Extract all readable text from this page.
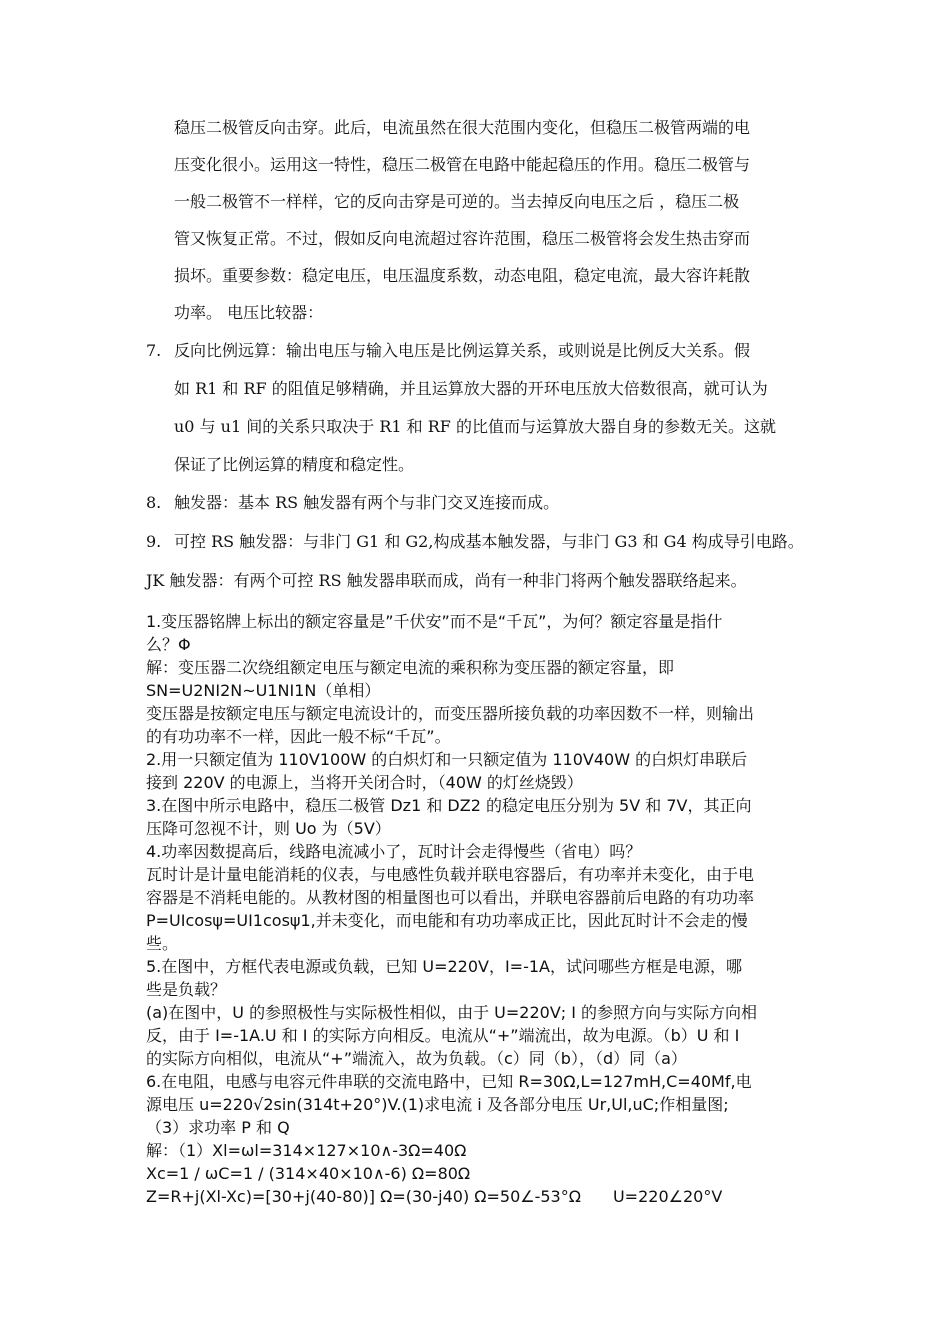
稳压二极管反向击穿。此后，电流虽然在很大范围内变化，但稳压二极管两端的电
压变化很小。运用这一特性，稳压二极管在电路中能起稳压的作用。稳压二极管与
一般二极管不一样样，它的反向击穿是可逆的。当去掉反向电压之后 ，稳压二极
管又恢复正常。不过，假如反向电流超过容许范围，稳压二极管将会发生热击穿而
损坏。重要参数：稳定电压，电压温度系数，动态电阻，稳定电流，最大容许耗散
功率。 电压比较器：
7. 反向比例远算：输出电压与输入电压是比例运算关系，或则说是比例反大关系。假
如 R1 和 RF 的阻值足够精确，并且运算放大器的开环电压放大倍数很高，就可认为
u0 与 u1 间的关系只取决于 R1 和 RF 的比值而与运算放大器自身的参数无关。这就
保证了比例运算的精度和稳定性。
8. 触发器：基本 RS 触发器有两个与非门交叉连接而成。
9. 可控 RS 触发器：与非门 G1 和 G2,构成基本触发器，与非门 G3 和 G4 构成导引电路。
JK 触发器：有两个可控 RS 触发器串联而成，尚有一种非门将两个触发器联络起来。
1.变压器铭牌上标出的额定容量是”千伏安”而不是“千瓦”，为何？额定容量是指什
么？Φ
解：变压器二次绕组额定电压与额定电流的乘积称为变压器的额定容量，即
SN=U2NI2N~U1NI1N（单相）
变压器是按额定电压与额定电流设计的，而变压器所接负载的功率因数不一样，则输出
的有功功率不一样，因此一般不标“千瓦”。
2.用一只额定值为 110V100W 的白炽灯和一只额定值为 110V40W 的白炽灯串联后
接到 220V 的电源上，当将开关闭合时，（40W 的灯丝烧毁）
3.在图中所示电路中，稳压二极管 Dz1 和 DZ2 的稳定电压分别为 5V 和 7V，其正向
压降可忽视不计，则 Uo 为（5V）
4.功率因数提高后，线路电流减小了，瓦时计会走得慢些（省电）吗？
瓦时计是计量电能消耗的仪表，与电感性负载并联电容器后，有功率并未变化，由于电
容器是不消耗电能的。从教材图的相量图也可以看出，并联电容器前后电路的有功功率
P=UIcosψ=UI1cosψ1,并未变化，而电能和有功功率成正比，因此瓦时计不会走的慢
些。
5.在图中，方框代表电源或负载，已知 U=220V，I=-1A，试问哪些方框是电源，哪
些是负载？
(a)在图中，U 的参照极性与实际极性相似，由于 U=220V; I 的参照方向与实际方向相
反，由于 I=-1A.U 和 I 的实际方向相反。电流从“+”端流出，故为电源。（b）U 和 I
的实际方向相似，电流从“+”端流入，故为负载。（c）同（b），（d）同（a）
6.在电阻，电感与电容元件串联的交流电路中，已知 R=30Ω,L=127mH,C=40Mf,电
源电压 u=220√2sin(314t+20°)V.(1)求电流 i 及各部分电压 Ur,Ul,uC;作相量图;
（3）求功率 P 和 Q
解：（1）Xl=ωl=314×127×10∧-3Ω=40Ω
Xc=1 / ωC=1 / (314×40×10∧-6) Ω=80Ω
Z=R+j(Xl-Xc)=[30+j(40-80)] Ω=(30-j40) Ω=50∠-53°Ω　　U=220∠20°V
